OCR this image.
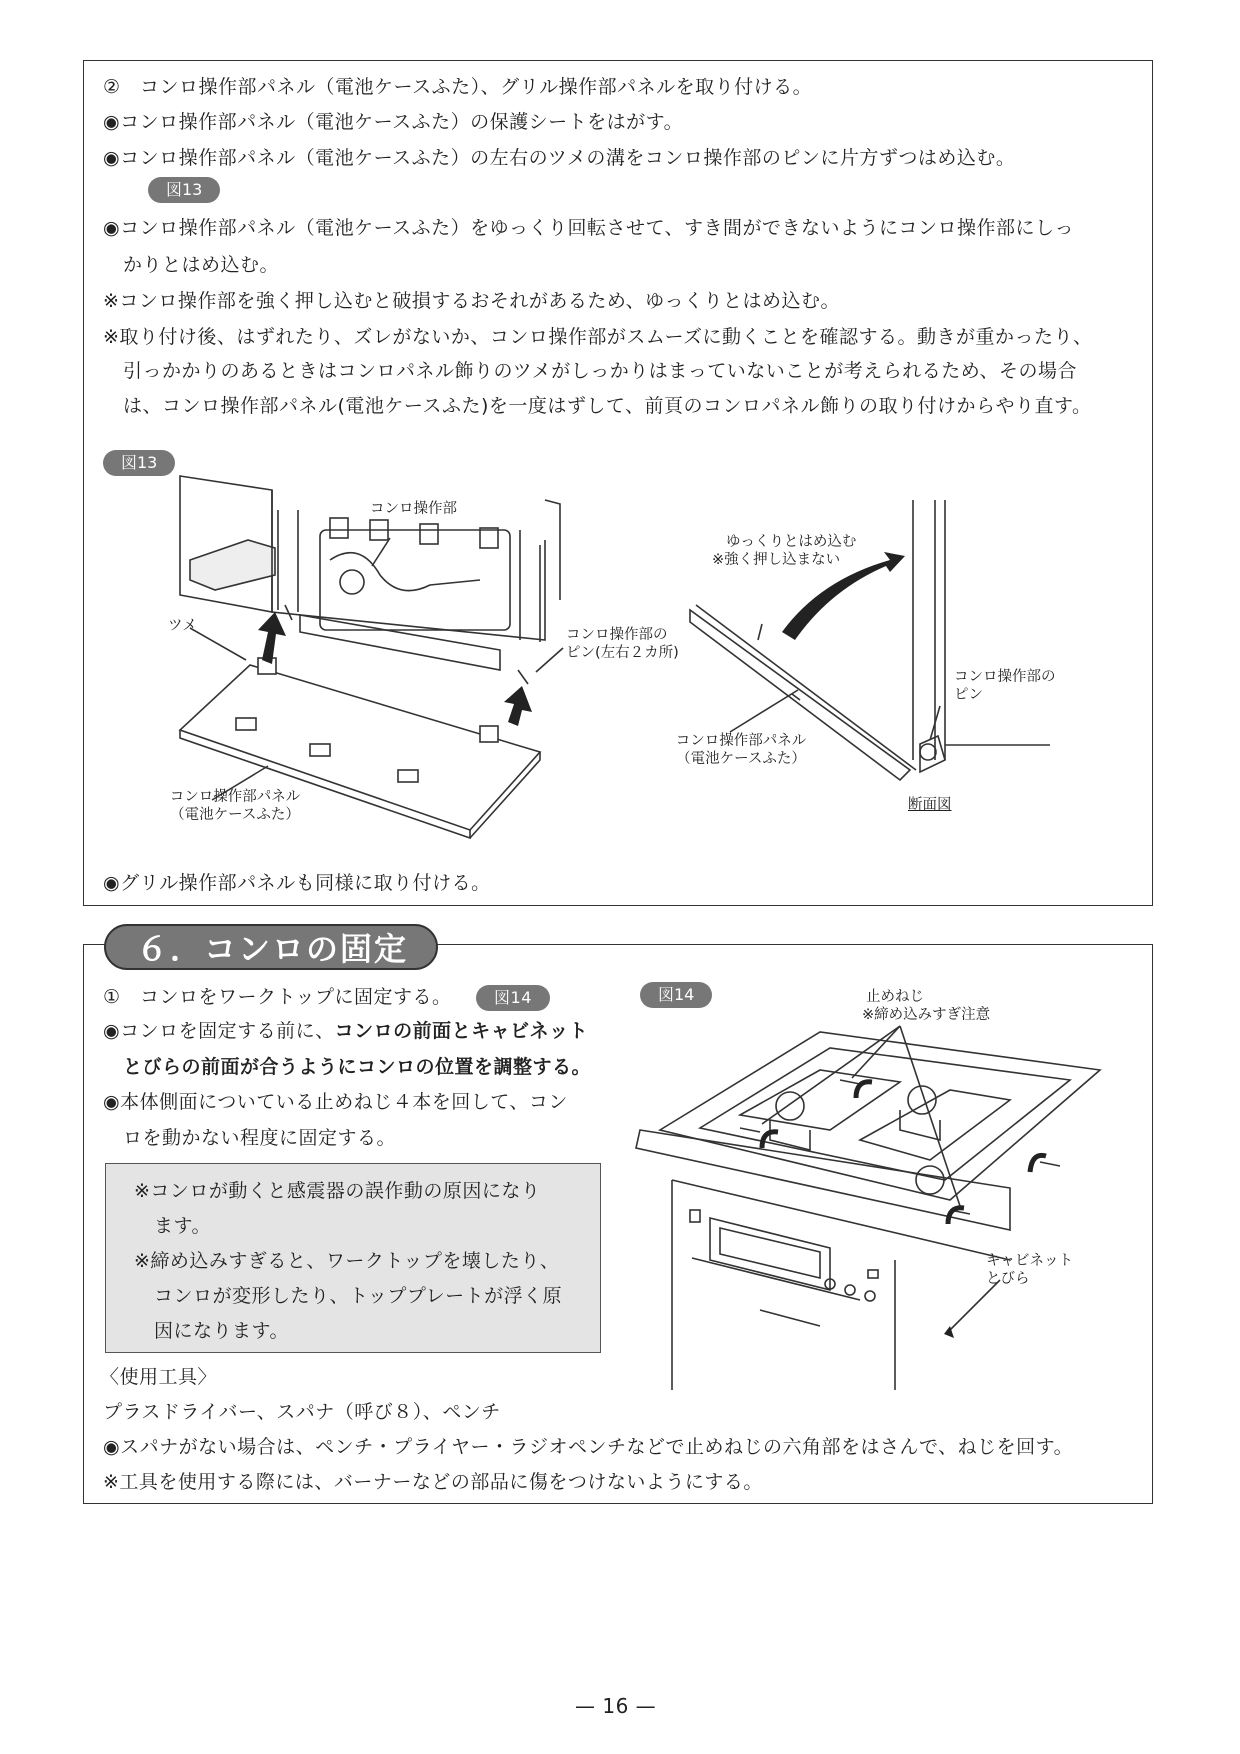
②　コンロ操作部パネル（電池ケースふた）、グリル操作部パネルを取り付ける。
◉コンロ操作部パネル（電池ケースふた）の保護シートをはがす。
◉コンロ操作部パネル（電池ケースふた）の左右のツメの溝をコンロ操作部のピンに片方ずつはめ込む。
図13
◉コンロ操作部パネル（電池ケースふた）をゆっくり回転させて、すき間ができないようにコンロ操作部にしっ
かりとはめ込む。
※コンロ操作部を強く押し込むと破損するおそれがあるため、ゆっくりとはめ込む。
※取り付け後、はずれたり、ズレがないか、コンロ操作部がスムーズに動くことを確認する。動きが重かったり、
引っかかりのあるときはコンロパネル飾りのツメがしっかりはまっていないことが考えられるため、その場合
は、コンロ操作部パネル(電池ケースふた)を一度はずして、前頁のコンロパネル飾りの取り付けからやり直す。
図13
コンロ操作部
ツメ
コンロ操作部の
ピン(左右２カ所)
コンロ操作部パネル
（電池ケースふた）
ゆっくりとはめ込む
※強く押し込まない
コンロ操作部の
ピン
コンロ操作部パネル
（電池ケースふた）
断面図
◉グリル操作部パネルも同様に取り付ける。
６．コンロの固定
①　コンロをワークトップに固定する。	図14
◉コンロを固定する前に、コンロの前面とキャビネット
とびらの前面が合うようにコンロの位置を調整する。
◉本体側面についている止めねじ４本を回して、コン
ロを動かない程度に固定する。
※コンロが動くと感震器の誤作動の原因になり
ます。
※締め込みすぎると、ワークトップを壊したり、
コンロが変形したり、トッププレートが浮く原
因になります。
〈使用工具〉
プラスドライバー、スパナ（呼び８）、ペンチ
◉スパナがない場合は、ペンチ・プライヤー・ラジオペンチなどで止めねじの六角部をはさんで、ねじを回す。
※工具を使用する際には、バーナーなどの部品に傷をつけないようにする。
図14	止めねじ
※締め込みすぎ注意
キャビネット
とびら
— 16 —
